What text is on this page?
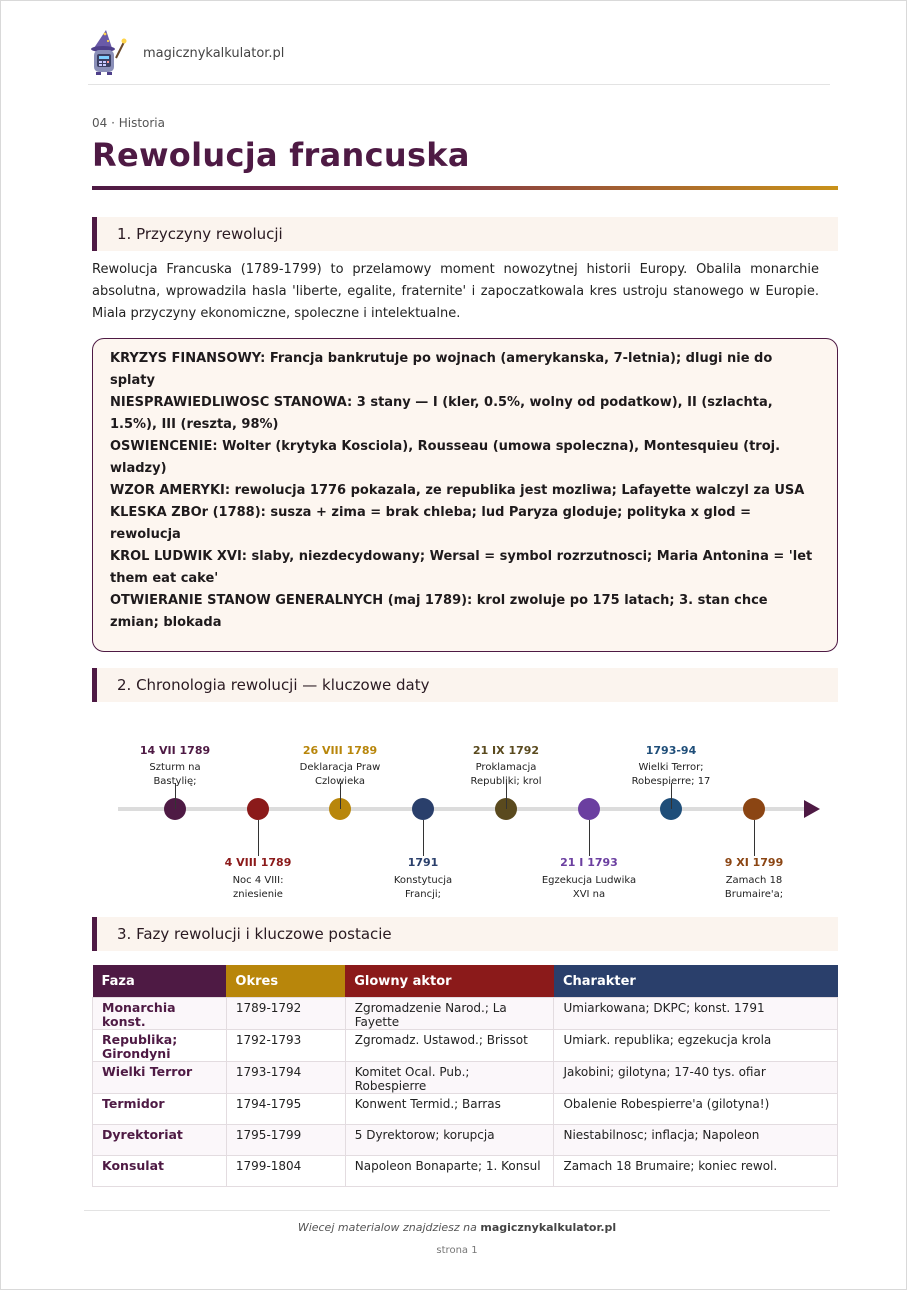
magicznykalkulator.pl
04 · Historia
Rewolucja francuska
1. Przyczyny rewolucji

Rewolucja Francuska (1789-1799) to przelamowy moment nowozytnej historii Europy. Obalila monarchie absolutna, wprowadzila hasla 'liberte, egalite, fraternite' i zapoczatkowala kres ustroju stanowego w Europie. Miala przyczyny ekonomiczne, spoleczne i intelektualne.

KRYZYS FINANSOWY: Francja bankrutuje po wojnach (amerykanska, 7-letnia); dlugi nie do splaty

NIESPRAWIEDLIWOSC STANOWA: 3 stany — I (kler, 0.5%, wolny od podatkow), II (szlachta, 1.5%), III (reszta, 98%)

OSWIENCENIE: Wolter (krytyka Kosciola), Rousseau (umowa spoleczna), Montesquieu (troj. wladzy)

WZOR AMERYKI: rewolucja 1776 pokazala, ze republika jest mozliwa; Lafayette walczyl za USA

KLESKA ZBOr (1788): susza + zima = brak chleba; lud Paryza gloduje; polityka x glod = rewolucja

KROL LUDWIK XVI: slaby, niezdecydowany; Wersal = symbol rozrzutnosci; Maria Antonina = 'let them eat cake'

OTWIERANIE STANOW GENERALNYCH (maj 1789): krol zwoluje po 175 latach; 3. stan chce zmian; blokada

2. Chronologia rewolucji — kluczowe daty
14 VII 1789
Szturm na Bastylię;
4 VIII 1789
Noc 4 VIII: zniesienie
26 VIII 1789
Deklaracja Praw Czlowieka
1791
Konstytucja Francji;
21 IX 1792
Proklamacja Republiki; krol
21 I 1793
Egzekucja Ludwika XVI na
1793-94
Wielki Terror; Robespierre; 17
9 XI 1799
Zamach 18 Brumaire'a;
3. Fazy rewolucji i kluczowe postacie
Faza	Okres	Glowny aktor	Charakter
Monarchia konst.	1789-1792	Zgromadzenie Narod.; La Fayette	Umiarkowana; DKPC; konst. 1791
Republika; Girondyni	1792-1793	Zgromadz. Ustawod.; Brissot	Umiark. republika; egzekucja krola
Wielki Terror	1793-1794	Komitet Ocal. Pub.; Robespierre	Jakobini; gilotyna; 17-40 tys. ofiar
Termidor	1794-1795	Konwent Termid.; Barras	Obalenie Robespierre'a (gilotyna!)
Dyrektoriat	1795-1799	5 Dyrektorow; korupcja	Niestabilnosc; inflacja; Napoleon
Konsulat	1799-1804	Napoleon Bonaparte; 1. Konsul	Zamach 18 Brumaire; koniec rewol.
Wiecej materialow znajdziesz na magicznykalkulator.pl
strona 1
